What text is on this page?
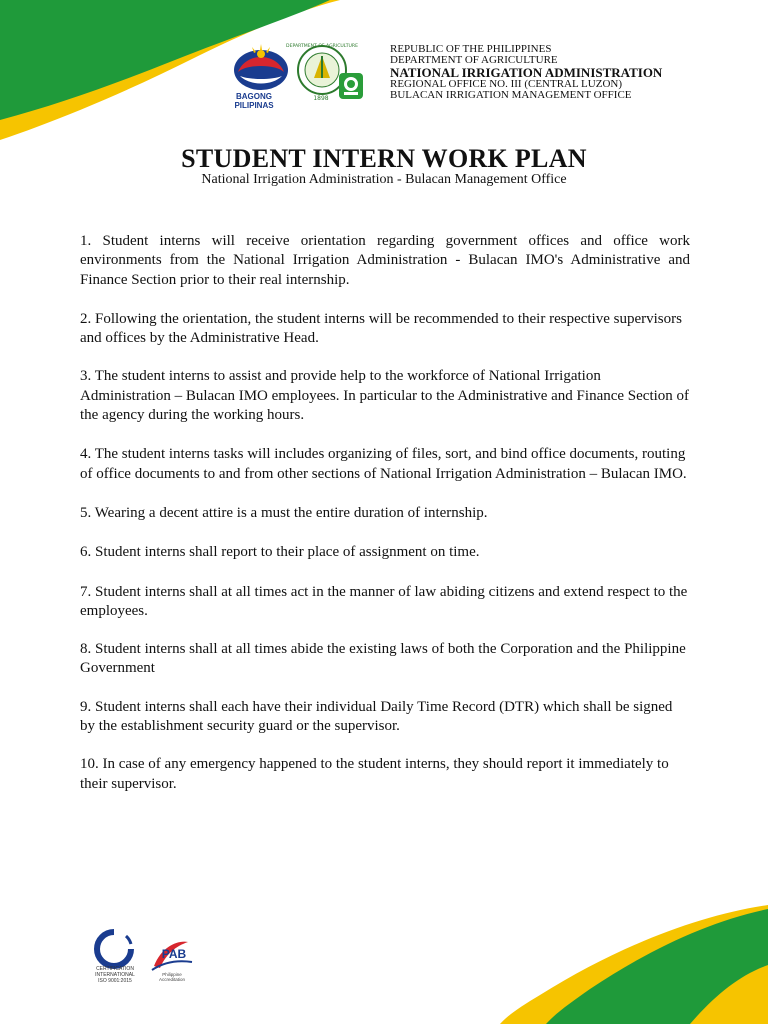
BAGONG PILIPINAS
DEPARTMENT OF AGRICULTURE
1898
REPUBLIC OF THE PHILIPPINES
DEPARTMENT OF AGRICULTURE
NATIONAL IRRIGATION ADMINISTRATION
REGIONAL OFFICE NO. III (CENTRAL LUZON)
BULACAN IRRIGATION MANAGEMENT OFFICE
STUDENT INTERN WORK PLAN
National Irrigation Administration - Bulacan Management Office
1. Student interns will receive orientation regarding government offices and office work environments from the National Irrigation Administration - Bulacan IMO's Administrative and Finance Section prior to their real internship.
2. Following the orientation, the student interns will be recommended to their respective supervisors and offices by the Administrative Head.
3. The student interns to assist and provide help to the workforce of National Irrigation Administration – Bulacan IMO employees. In particular to the Administrative and Finance Section of the agency during the working hours.
4. The student interns tasks will includes organizing of files, sort, and bind office documents, routing of office documents to and from other sections of National Irrigation Administration – Bulacan IMO.
5. Wearing a decent attire is a must the entire duration of internship.
6. Student interns shall report to their place of assignment on time.
7. Student interns shall at all times act in the manner of law abiding citizens and extend respect to the employees.
8. Student interns shall at all times abide the existing laws of both the Corporation and the Philippine Government
9. Student interns shall each have their individual Daily Time Record (DTR) which shall be signed by the establishment security guard or the supervisor.
10. In case of any emergency happened to the student interns, they should report it immediately to their supervisor.
CERTIFICATION
INTERNATIONAL
ISO 9001:2015
PAB
Philippine
Accreditation
